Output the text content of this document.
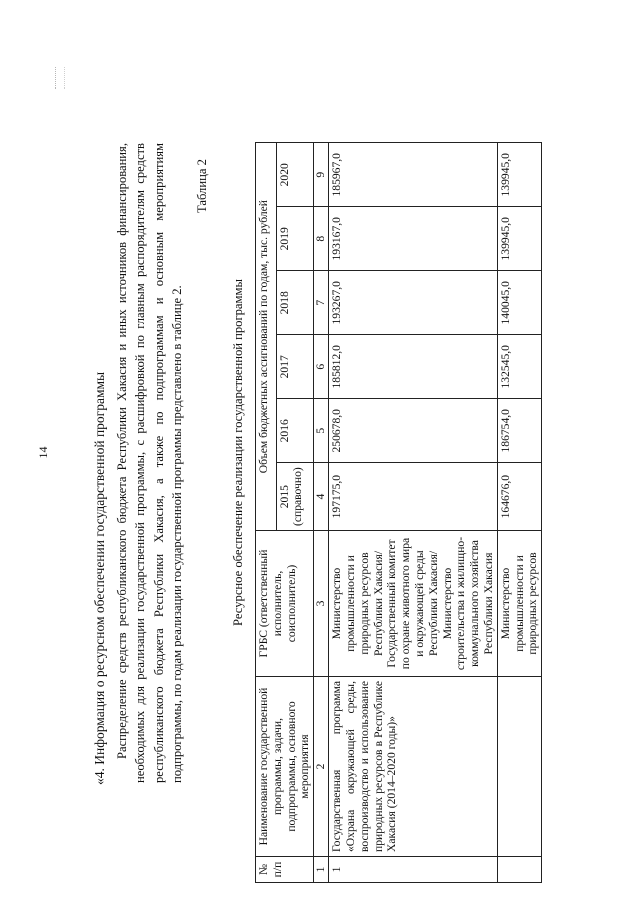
14	«4. Информация о ресурсном обеспечении государственной программы Распределение средств республиканского бюджета Республики Хакасия и иных источников финансирования, необходимых для реализации государственной программы, с расшифровкой по главным распорядителям средств республиканского бюджета Республики Хакасия, а также по подпрограммам и основным мероприятиям подпрограммы, по годам реализации государственной программы представлено в таблице 2.

Таблица 2
Ресурсное обеспечение реализации государственной программы
№ п/п	Наименование государственной программы, задачи, подпрограммы, основного мероприятия	ГРБС (ответственный исполнитель, соисполнитель)	Объем бюджетных ассигнований по годам, тыс. рублей					
			2015 (справочно)	2016	2017	2018	2019	2020
1	2	3	4	5	6	7	8	9
1	Государственная программа «Охрана окружающей среды, воспроизводство и использование природных ресурсов в Республике Хакасия (2014–2020 годы)»	Министерство промышленности и природных ресурсов Республики Хакасия/ Государственный комитет по охране животного мира и окружающей среды Республики Хакасия/ Министерство строительства и жилищно-коммунального хозяйства Республики Хакасия	197175,0	250678,0	185812,0	193267,0	193167,0	185967,0
		Министерство промышленности и природных ресурсов	164676,0	186754,0	132545,0	140045,0	139945,0	139945,0
